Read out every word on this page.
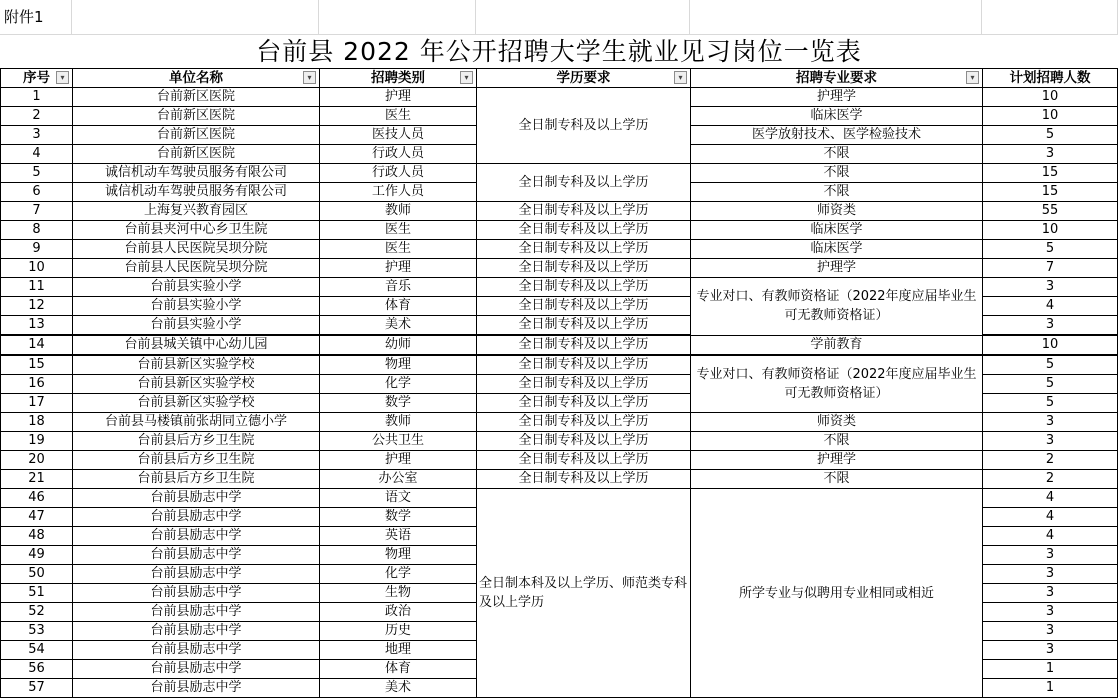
附件1
台前县 2022 年公开招聘大学生就业见习岗位一览表
序号 ▾	单位名称 ▾	招聘类别 ▾	学历要求 ▾	招聘专业要求 ▾	计划招聘人数
1	台前新区医院	护理	全日制专科及以上学历	护理学	10
2	台前新区医院	医生		临床医学	10
3	台前新区医院	医技人员		医学放射技术、医学检验技术	5
4	台前新区医院	行政人员		不限	3
5	诚信机动车驾驶员服务有限公司	行政人员	全日制专科及以上学历	不限	15
6	诚信机动车驾驶员服务有限公司	工作人员		不限	15
7	上海复兴教育园区	教师	全日制专科及以上学历	师资类	55
8	台前县夹河中心乡卫生院	医生	全日制专科及以上学历	临床医学	10
9	台前县人民医院吴坝分院	医生	全日制专科及以上学历	临床医学	5
10	台前县人民医院吴坝分院	护理	全日制专科及以上学历	护理学	7
11	台前县实验小学	音乐	全日制专科及以上学历	专业对口、有教师资格证（2022年度应届毕业生可无教师资格证）	3
12	台前县实验小学	体育	全日制专科及以上学历		4
13	台前县实验小学	美术	全日制专科及以上学历		3
14	台前县城关镇中心幼儿园	幼师	全日制专科及以上学历	学前教育	10
15	台前县新区实验学校	物理	全日制专科及以上学历	专业对口、有教师资格证（2022年度应届毕业生可无教师资格证）	5
16	台前县新区实验学校	化学	全日制专科及以上学历		5
17	台前县新区实验学校	数学	全日制专科及以上学历		5
18	台前县马楼镇前张胡同立德小学	教师	全日制专科及以上学历	师资类	3
19	台前县后方乡卫生院	公共卫生	全日制专科及以上学历	不限	3
20	台前县后方乡卫生院	护理	全日制专科及以上学历	护理学	2
21	台前县后方乡卫生院	办公室	全日制专科及以上学历	不限	2
46	台前县励志中学	语文	全日制本科及以上学历、师范类专科及以上学历	所学专业与似聘用专业相同或相近	4
47	台前县励志中学	数学			4
48	台前县励志中学	英语			4
49	台前县励志中学	物理			3
50	台前县励志中学	化学			3
51	台前县励志中学	生物			3
52	台前县励志中学	政治			3
53	台前县励志中学	历史			3
54	台前县励志中学	地理			3
56	台前县励志中学	体育			1
57	台前县励志中学	美术			1
